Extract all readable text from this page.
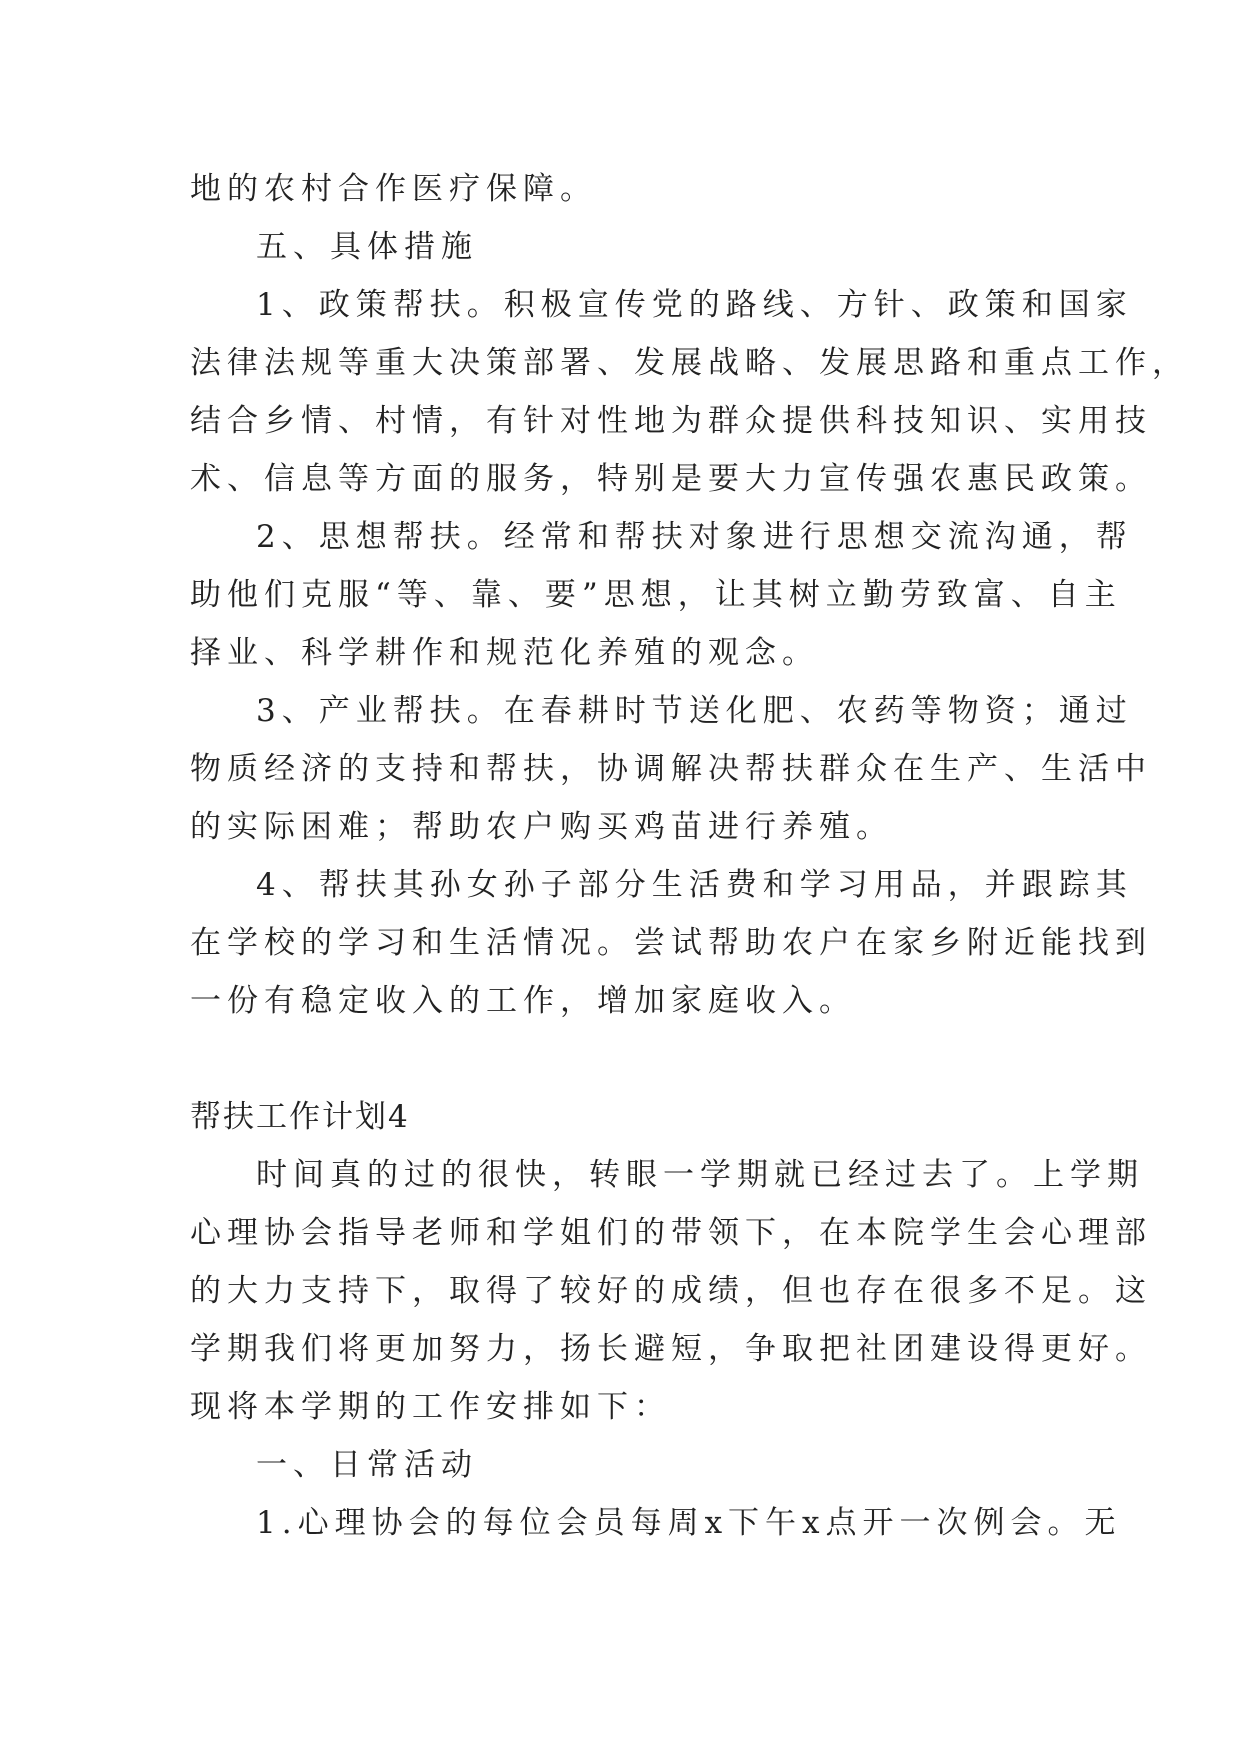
地的农村合作医疗保障。

五、具体措施

1、政策帮扶。积极宣传党的路线、方针、政策和国家

法律法规等重大决策部署、发展战略、发展思路和重点工作，

结合乡情、村情，有针对性地为群众提供科技知识、实用技

术、信息等方面的服务，特别是要大力宣传强农惠民政策。

2、思想帮扶。经常和帮扶对象进行思想交流沟通，帮

助他们克服“等、靠、要”思想，让其树立勤劳致富、自主

择业、科学耕作和规范化养殖的观念。

3、产业帮扶。在春耕时节送化肥、农药等物资；通过

物质经济的支持和帮扶，协调解决帮扶群众在生产、生活中

的实际困难；帮助农户购买鸡苗进行养殖。

4、帮扶其孙女孙子部分生活费和学习用品，并跟踪其

在学校的学习和生活情况。尝试帮助农户在家乡附近能找到

一份有稳定收入的工作，增加家庭收入。

帮扶工作计划4

时间真的过的很快，转眼一学期就已经过去了。上学期

心理协会指导老师和学姐们的带领下，在本院学生会心理部

的大力支持下，取得了较好的成绩，但也存在很多不足。这

学期我们将更加努力，扬长避短，争取把社团建设得更好。

现将本学期的工作安排如下：

一、日常活动

1.心理协会的每位会员每周x下午x点开一次例会。无
